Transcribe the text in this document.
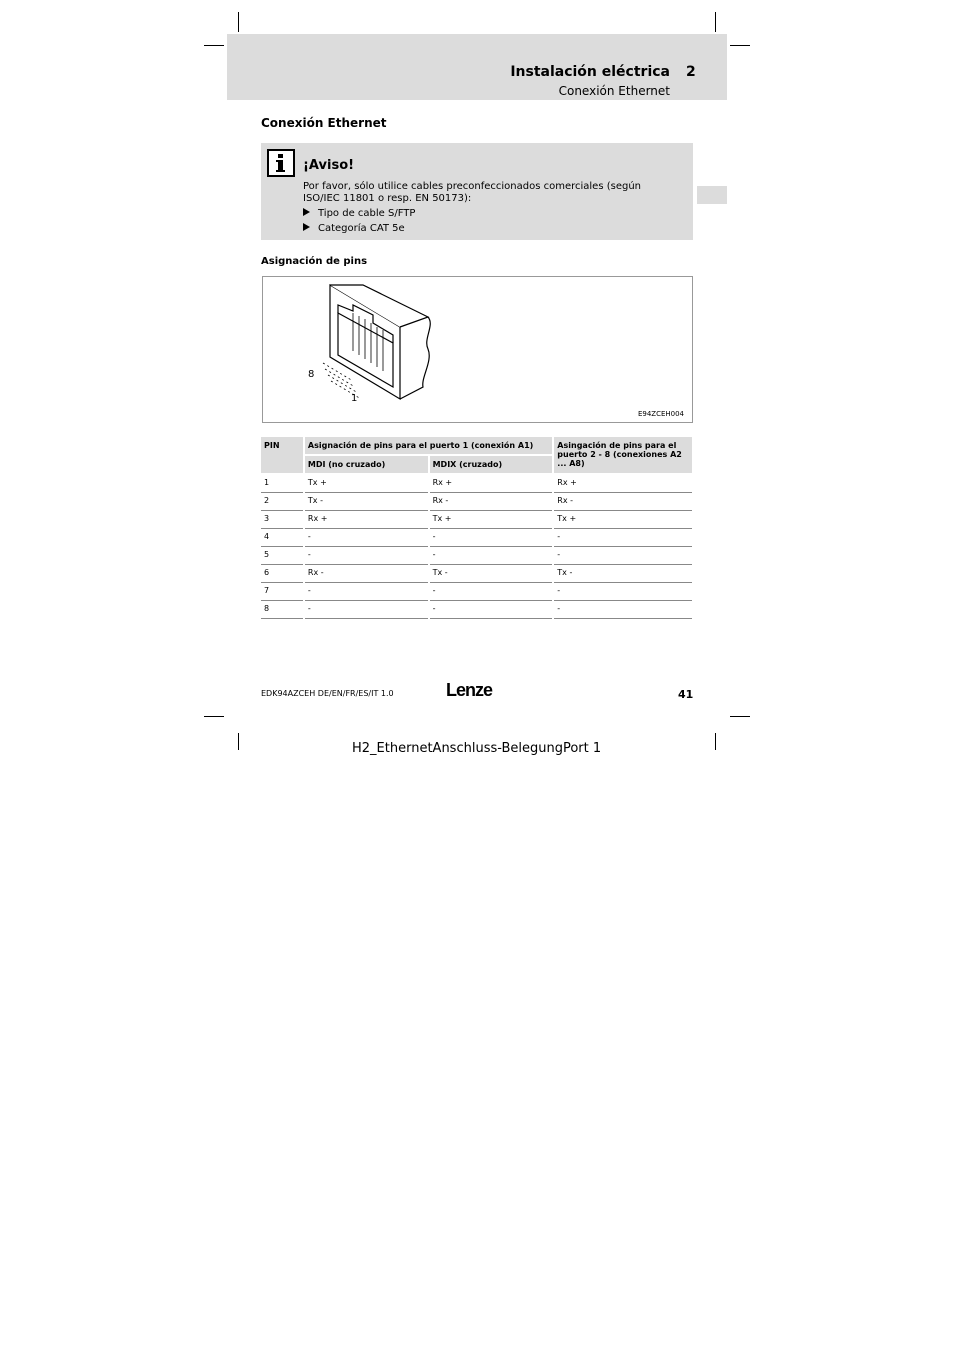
Instalación eléctrica 2
Conexión Ethernet
Conexión Ethernet
¡Aviso!
Por favor, sólo utilice cables preconfeccionados comerciales (según ISO/IEC 11801 o resp. EN 50173):
Tipo de cable S/FTP
Categoría CAT 5e
Asignación de pins
8
1
E94ZCEH004
PIN	Asignación de pins para el puerto 1 (conexión A1)		Asingación de pins para el puerto 2 - 8 (conexiones A2 ... A8)
	MDI (no cruzado)	MDIX (cruzado)	
1	Tx +	Rx +	Rx +
2	Tx -	Rx -	Rx -
3	Rx +	Tx +	Tx +
4	-	-	-
5	-	-	-
6	Rx -	Tx -	Tx -
7	-	-	-
8	-	-	-
EDK94AZCEH DE/EN/FR/ES/IT 1.0	Lenze	41
H2_EthernetAnschluss-BelegungPort 1
